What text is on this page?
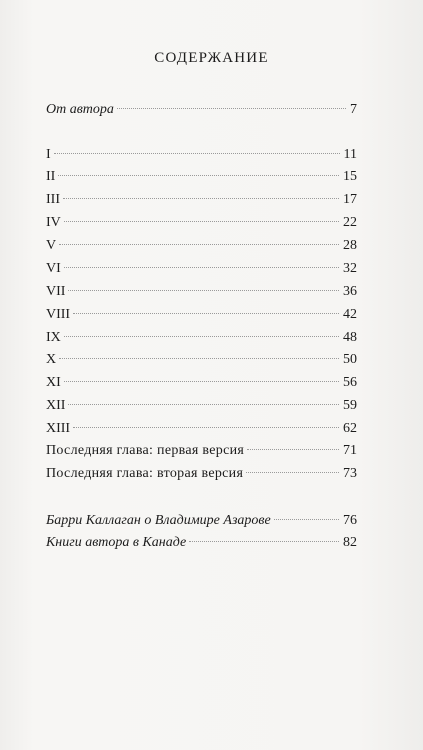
СОДЕРЖАНИЕ
От автора	7
I	11
II	15
III	17
IV	22
V	28
VI	32
VII	36
VIII	42
IX	48
X	50
XI	56
XII	59
XIII	62
Последняя глава: первая версия	71
Последняя глава: вторая версия	73
Барри Каллаган о Владимире Азарове	76
Книги автора в Канаде	82
